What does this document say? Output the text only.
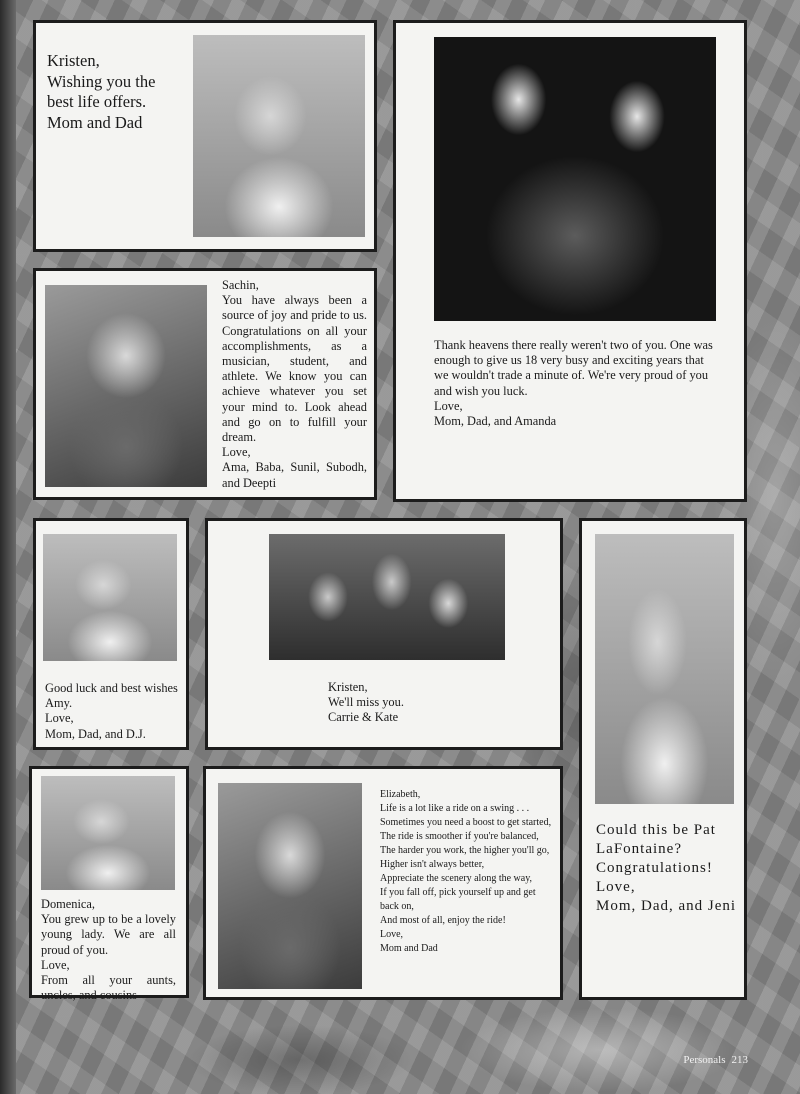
Kristen,
Wishing you the
best life offers.
Mom and Dad
Sachin,
You have always been a source of joy and pride to us. Congratulations on all your accomplishments, as a musician, student, and athlete. We know you can achieve whatever you set your mind to. Look ahead and go on to fulfill your dream.
Love,
Ama, Baba, Sunil, Subodh, and Deepti
Thank heavens there really weren't two of you. One was enough to give us 18 very busy and exciting years that we wouldn't trade a minute of. We're very proud of you and wish you luck.
Love,
Mom, Dad, and Amanda
Good luck and best wishes
Amy.
Love,
Mom, Dad, and D.J.
Kristen,
We'll miss you.
Carrie & Kate
Could this be Pat LaFontaine? Congratulations!
Love,
Mom, Dad, and Jeni
Domenica,
You grew up to be a lovely young lady. We are all proud of you.
Love,
From all your aunts, uncles, and cousins
Elizabeth,
Life is a lot like a ride on a swing . . .
Sometimes you need a boost to get started,
The ride is smoother if you're balanced,
The harder you work, the higher you'll go,
Higher isn't always better,
Appreciate the scenery along the way,
If you fall off, pick yourself up and get back on,
And most of all, enjoy the ride!
Love,
Mom and Dad
Personals 213
